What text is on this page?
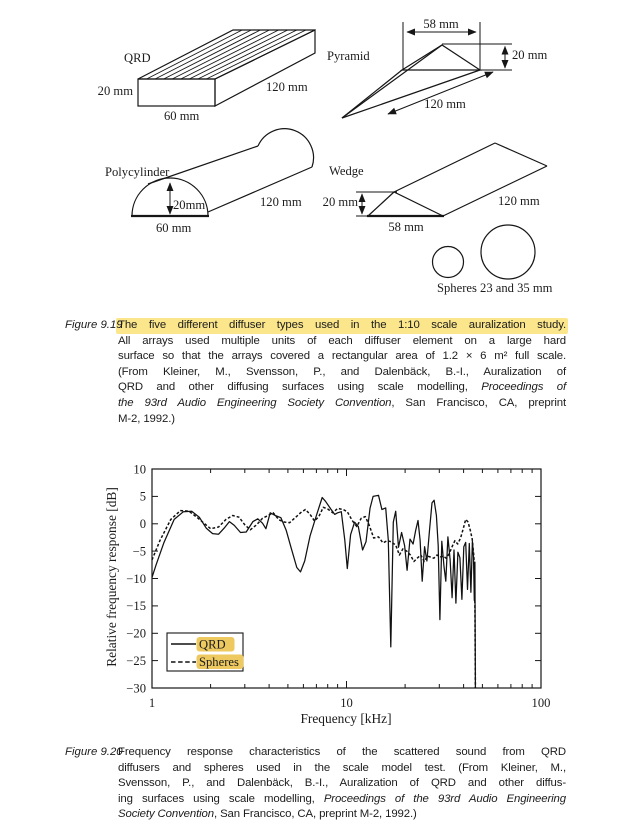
QRD
20 mm	120 mm
60 mm
58 mm
20 mm
120 mm
Pyramid
20mm
Polycylinder
120 mm
60 mm
20 mm
58 mm
120 mm
Wedge
Spheres 23 and 35 mm
Figure 9.19
The five different diffuser types used in the 1:10 scale auralization study.
All arrays used multiple units of each diffuser element on a large hard
surface so that the arrays covered a rectangular area of 1.2 × 6 m² full scale.
(From Kleiner, M., Svensson, P., and Dalenbäck, B.-I., Auralization of
QRD and other diffusing surfaces using scale modelling, Proceedings of
the 93rd Audio Engineering Society Convention, San Francisco, CA, preprint
M-2, 1992.)
1	10	100
10
5
0
−5
−10
−15
−20
−25
−30
Frequency [kHz]
Relative frequency response [dB]	QRD
Spheres
Figure 9.20
Frequency response characteristics of the scattered sound from QRD
diffusers and spheres used in the scale model test. (From Kleiner, M.,
Svensson, P., and Dalenbäck, B.-I., Auralization of QRD and other diffus-
ing surfaces using scale modelling, Proceedings of the 93rd Audio Engineering
Society Convention, San Francisco, CA, preprint M-2, 1992.)
